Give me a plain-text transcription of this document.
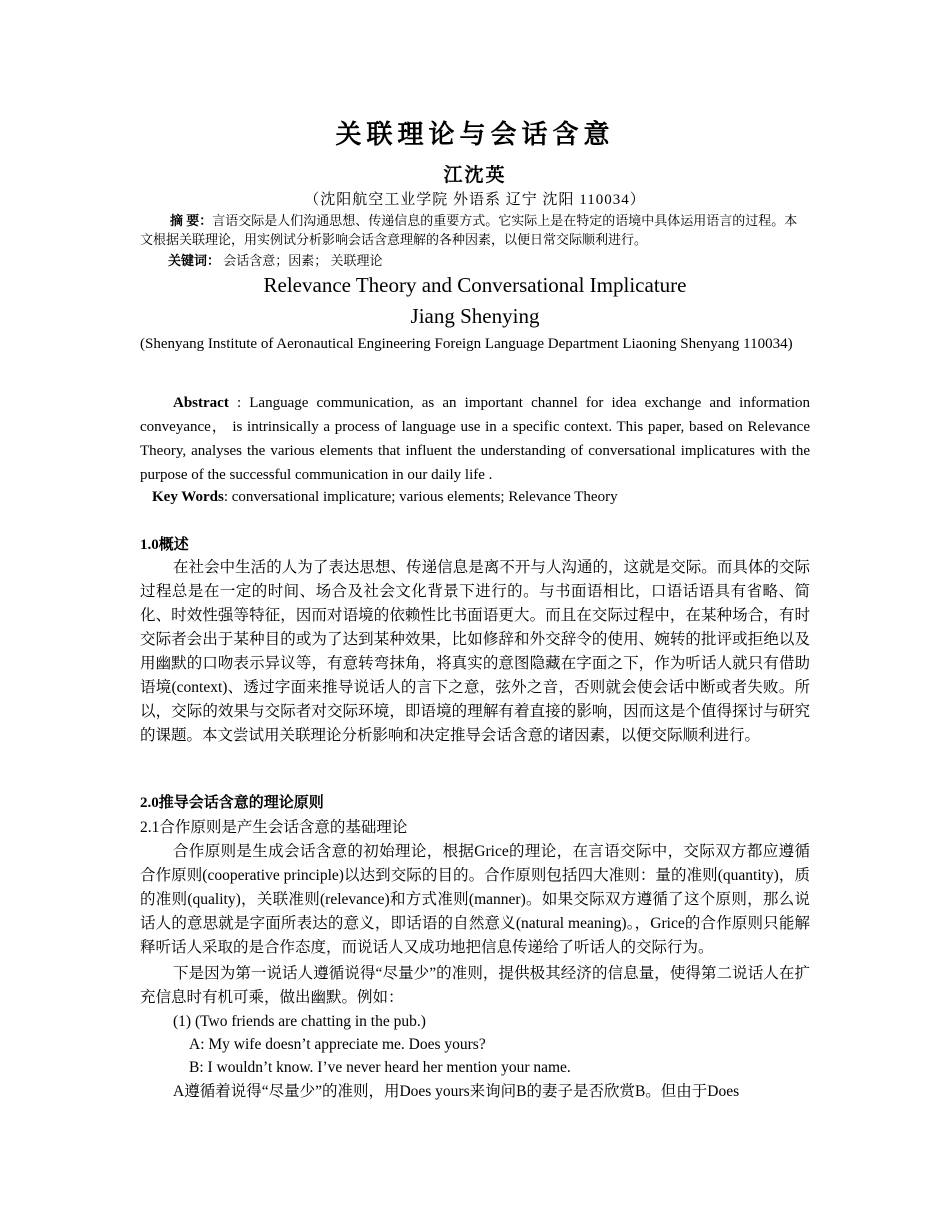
关联理论与会话含意
江沈英
（沈阳航空工业学院 外语系 辽宁 沈阳 110034）
摘 要：言语交际是人们沟通思想、传递信息的重要方式。它实际上是在特定的语境中具体运用语言的过程。本文根据关联理论，用实例试分析影响会话含意理解的各种因素，以便日常交际顺利进行。
关键词： 会话含意；因素； 关联理论
Relevance Theory and Conversational Implicature
Jiang Shenying
(Shenyang Institute of Aeronautical Engineering Foreign Language Department Liaoning Shenyang 110034)
Abstract : Language communication, as an important channel for idea exchange and information conveyance， is intrinsically a process of language use in a specific context. This paper, based on Relevance Theory, analyses the various elements that influent the understanding of conversational implicatures with the purpose of the successful communication in our daily life .
Key Words: conversational implicature; various elements; Relevance Theory
1.0概述
在社会中生活的人为了表达思想、传递信息是离不开与人沟通的，这就是交际。而具体的交际过程总是在一定的时间、场合及社会文化背景下进行的。与书面语相比，口语话语具有省略、简化、时效性强等特征，因而对语境的依赖性比书面语更大。而且在交际过程中，在某种场合，有时交际者会出于某种目的或为了达到某种效果，比如修辞和外交辞令的使用、婉转的批评或拒绝以及用幽默的口吻表示异议等，有意转弯抹角，将真实的意图隐藏在字面之下，作为听话人就只有借助语境(context)、透过字面来推导说话人的言下之意，弦外之音，否则就会使会话中断或者失败。所以，交际的效果与交际者对交际环境，即语境的理解有着直接的影响，因而这是个值得探讨与研究的课题。本文尝试用关联理论分析影响和决定推导会话含意的诸因素，以便交际顺利进行。
2.0推导会话含意的理论原则
2.1合作原则是产生会话含意的基础理论
合作原则是生成会话含意的初始理论，根据Grice的理论，在言语交际中，交际双方都应遵循合作原则(cooperative principle)以达到交际的目的。合作原则包括四大准则：量的准则(quantity)，质的准则(quality)，关联准则(relevance)和方式准则(manner)。如果交际双方遵循了这个原则，那么说话人的意思就是字面所表达的意义，即话语的自然意义(natural meaning)。，Grice的合作原则只能解释听话人采取的是合作态度，而说话人又成功地把信息传递给了听话人的交际行为。
下是因为第一说话人遵循说得“尽量少”的准则，提供极其经济的信息量，使得第二说话人在扩充信息时有机可乘，做出幽默。例如：
(1) (Two friends are chatting in the pub.)
A: My wife doesn’t appreciate me. Does yours?
B: I wouldn’t know. I’ve never heard her mention your name.
A遵循着说得“尽量少”的准则，用Does yours来询问B的妻子是否欣赏B。但由于Does
